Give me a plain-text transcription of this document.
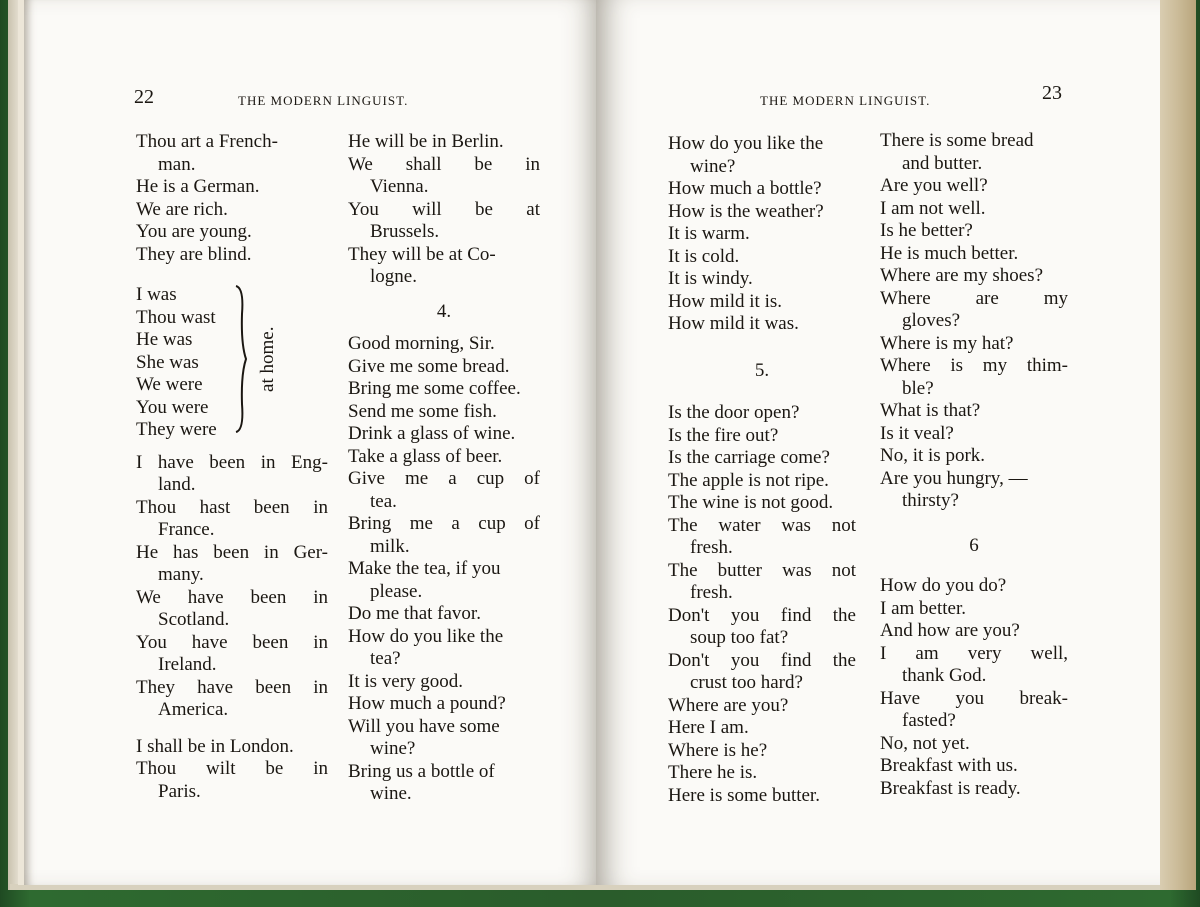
22	THE MODERN LINGUIST.
Thou art a French-
man.
He is a German.
We are rich.
You are young.
They are blind.
I was
Thou wast
He was
She was
We were
You were
They were
at home.
I have been in Eng-
land.
Thou hast been in
France.
He has been in Ger-
many.
We have been in
Scotland.
You have been in
Ireland.
They have been in
America.
I shall be in London.
Thou wilt be in
Paris.
He will be in Berlin.
We shall be in
Vienna.
You will be at
Brussels.
They will be at Co-
logne.
4.
Good morning, Sir.
Give me some bread.
Bring me some coffee.
Send me some fish.
Drink a glass of wine.
Take a glass of beer.
Give me a cup of
tea.
Bring me a cup of
milk.
Make the tea, if you
please.
Do me that favor.
How do you like the
tea?
It is very good.
How much a pound?
Will you have some
wine?
Bring us a bottle of
wine.
THE MODERN LINGUIST.	23
How do you like the
wine?
How much a bottle?
How is the weather?
It is warm.
It is cold.
It is windy.
How mild it is.
How mild it was.
5.
Is the door open?
Is the fire out?
Is the carriage come?
The apple is not ripe.
The wine is not good.
The water was not
fresh.
The butter was not
fresh.
Don't you find the
soup too fat?
Don't you find the
crust too hard?
Where are you?
Here I am.
Where is he?
There he is.
Here is some butter.
There is some bread
and butter.
Are you well?
I am not well.
Is he better?
He is much better.
Where are my shoes?
Where are my
gloves?
Where is my hat?
Where is my thim-
ble?
What is that?
Is it veal?
No, it is pork.
Are you hungry, —
thirsty?
6
How do you do?
I am better.
And how are you?
I am very well,
thank God.
Have you break-
fasted?
No, not yet.
Breakfast with us.
Breakfast is ready.
